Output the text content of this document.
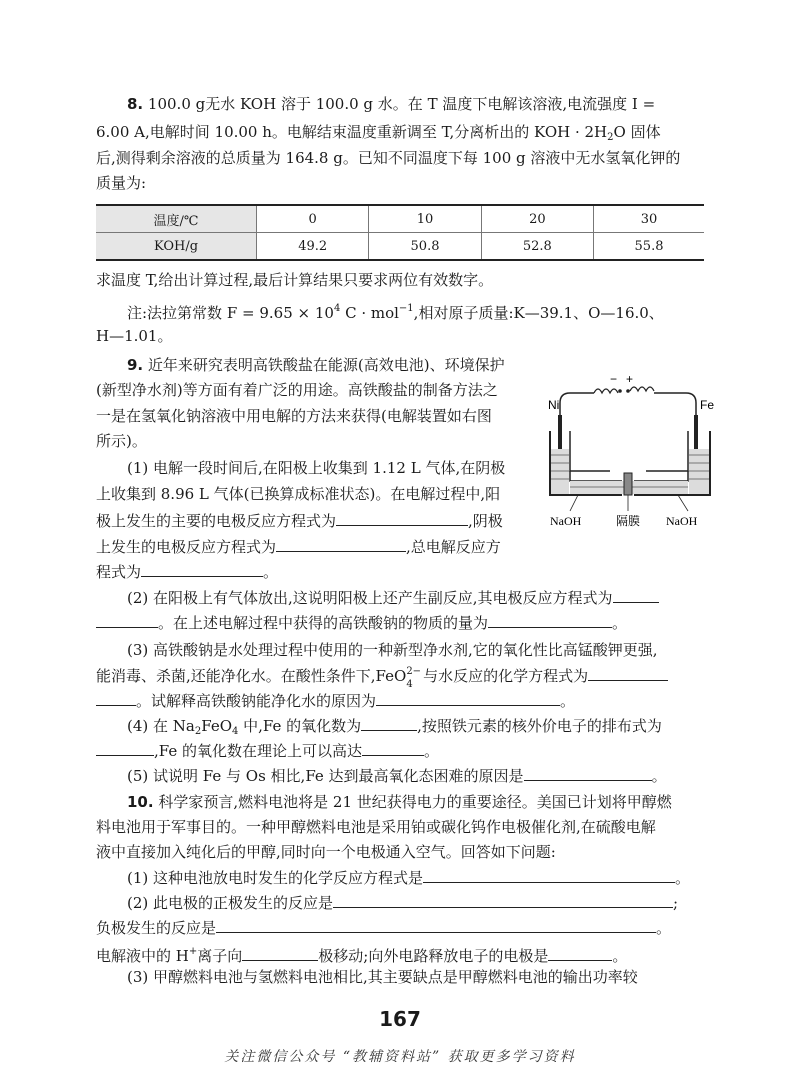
8. 100.0 g无水 KOH 溶于 100.0 g 水。在 T 温度下电解该溶液,电流强度 I =
6.00 A,电解时间 10.00 h。电解结束温度重新调至 T,分离析出的 KOH · $2H_2O$ 固体
后,测得剩余溶液的总质量为 164.8 g。已知不同温度下每 100 g 溶液中无水氢氧化钾的
质量为:
温度/℃	0	10	20	30
KOH/g	49.2	50.8	52.8	55.8
求温度 T,给出计算过程,最后计算结果只要求两位有效数字。
注:法拉第常数 $F = 9.65 \times 10^4$ C · mol$^{-1}$,相对原子质量:K—39.1、O—16.0、
H—1.01。
9. 近年来研究表明高铁酸盐在能源(高效电池)、环境保护
(新型净水剂)等方面有着广泛的用途。高铁酸盐的制备方法之
一是在氢氧化钠溶液中用电解的方法来获得(电解装置如右图
所示)。
(1) 电解一段时间后,在阳极上收集到 1.12 L 气体,在阴极
上收集到 8.96 L 气体(已换算成标准状态)。在电解过程中,阳
极上发生的主要的电极反应方程式为	,阴极
上发生的电极反应方程式为	,总电解反应方
程式为	。
Ni	Fe
− +
NaOH	隔膜 NaOH
(2) 在阳极上有气体放出,这说明阳极上还产生副反应,其电极反应方程式为
。在上述电解过程中获得的高铁酸钠的物质的量为	。
(3) 高铁酸钠是水处理过程中使用的一种新型净水剂,它的氧化性比高锰酸钾更强,
能消毒、杀菌,还能净化水。在酸性条件下,FeO 2−
4 与水反应的化学方程式为
。试解释高铁酸钠能净化水的原因为	。
(4) 在 $Na_2FeO_4$ 中,Fe 的氧化数为	,按照铁元素的核外价电子的排布式为
,Fe 的氧化数在理论上可以高达	。
(5) 试说明 Fe 与 Os 相比,Fe 达到最高氧化态困难的原因是	。
10. 科学家预言,燃料电池将是 21 世纪获得电力的重要途径。美国已计划将甲醇燃
料电池用于军事目的。一种甲醇燃料电池是采用铂或碳化钨作电极催化剂,在硫酸电解
液中直接加入纯化后的甲醇,同时向一个电极通入空气。回答如下问题:
(1) 这种电池放电时发生的化学反应方程式是	。
(2) 此电极的正极发生的反应是	;
负极发生的反应是	。
电解液中的 H+离子向	极移动;向外电路释放电子的电极是	。
(3) 甲醇燃料电池与氢燃料电池相比,其主要缺点是甲醇燃料电池的输出功率较
167
关注微信公众号 “教辅资料站” 获取更多学习资料
